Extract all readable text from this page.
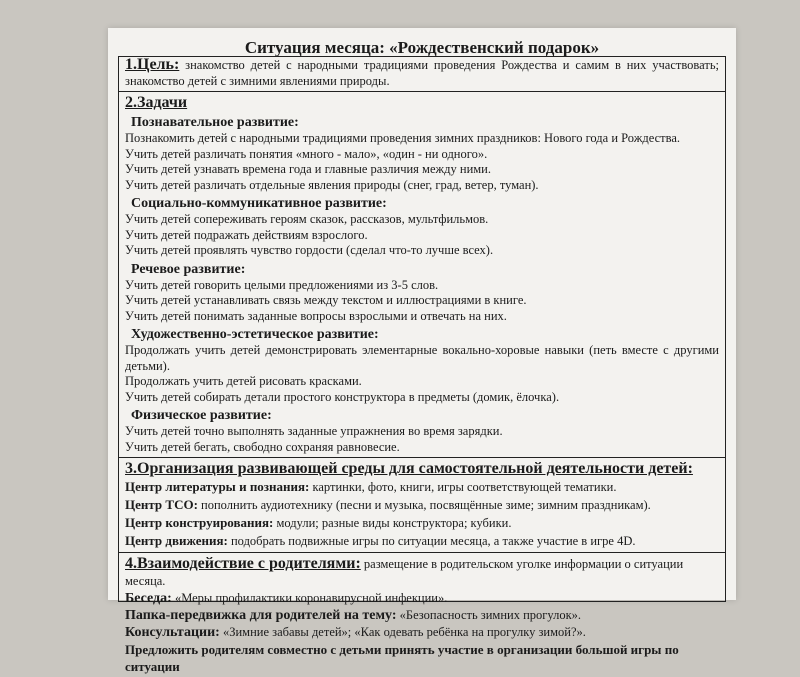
Ситуация месяца: «Рождественский подарок»
1.Цель: знакомство детей с народными традициями проведения Рождества и самим в них участвовать; знакомство детей с зимними явлениями природы.
2.Задачи
Познавательное развитие:
Познакомить детей с народными традициями проведения зимних праздников: Нового года и Рождества.
Учить детей различать понятия «много - мало», «один - ни одного».
Учить детей узнавать времена года и главные различия между ними.
Учить детей различать отдельные явления природы (снег, град, ветер, туман).
Социально-коммуникативное развитие:
Учить детей сопереживать героям сказок, рассказов, мультфильмов.
Учить детей подражать действиям взрослого.
Учить детей проявлять чувство гордости (сделал что-то лучше всех).
Речевое развитие:
Учить детей говорить целыми предложениями из 3-5 слов.
Учить детей устанавливать связь между текстом и иллюстрациями в книге.
Учить детей понимать заданные вопросы взрослыми и отвечать на них.
Художественно-эстетическое развитие:
Продолжать учить детей демонстрировать элементарные вокально-хоровые навыки (петь вместе с другими детьми).
Продолжать учить детей рисовать красками.
Учить детей собирать детали простого конструктора в предметы (домик, ёлочка).
Физическое развитие:
Учить детей точно выполнять заданные упражнения во время зарядки.
Учить детей бегать, свободно сохраняя равновесие.
3.Организация развивающей среды для самостоятельной деятельности детей:
Центр литературы и познания: картинки, фото, книги, игры соответствующей тематики.
Центр ТСО: пополнить аудиотехнику (песни и музыка, посвящённые зиме; зимним праздникам).
Центр конструирования: модули; разные виды конструктора; кубики.
Центр движения: подобрать подвижные игры по ситуации месяца, а также участие в игре 4D.
4.Взаимодействие с родителями: размещение в родительском уголке информации о ситуации месяца.
Беседа: «Меры профилактики коронавирусной инфекции».
Папка-передвижка для родителей на тему: «Безопасность зимних прогулок».
Консультации: «Зимние забавы детей»; «Как одевать ребёнка на прогулку зимой?».
Предложить родителям совместно с детьми принять участие в организации большой игры по ситуации
